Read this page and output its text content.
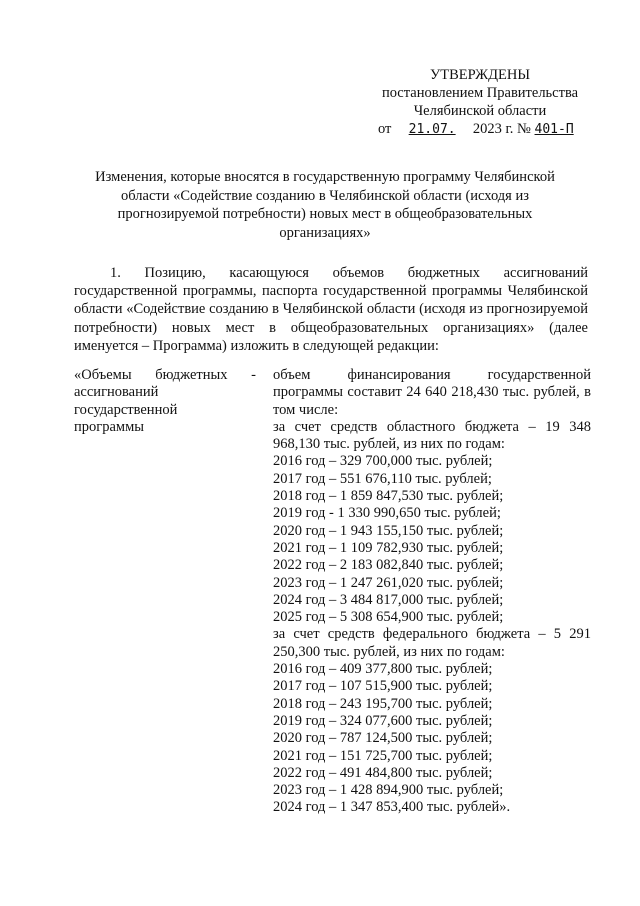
УТВЕРЖДЕНЫ
постановлением Правительства
Челябинской области
от 21.07. 2023 г. № 401-П
Изменения, которые вносятся в государственную программу Челябинской области «Содействие созданию в Челябинской области (исходя из прогнозируемой потребности) новых мест в общеобразовательных организациях»
1. Позицию, касающуюся объемов бюджетных ассигнований государственной программы, паспорта государственной программы Челябинской области «Содействие созданию в Челябинской области (исходя из прогнозируемой потребности) новых мест в общеобразовательных организациях» (далее именуется – Программа) изложить в следующей редакции:
«Объемы бюджетных -
ассигнований
государственной
программы
объем финансирования государственной программы составит 24 640 218,430 тыс. рублей, в том числе:
за счет средств областного бюджета – 19 348 968,130 тыс. рублей, из них по годам:
2016 год – 329 700,000 тыс. рублей;
2017 год – 551 676,110 тыс. рублей;
2018 год – 1 859 847,530 тыс. рублей;
2019 год - 1 330 990,650 тыс. рублей;
2020 год – 1 943 155,150 тыс. рублей;
2021 год – 1 109 782,930 тыс. рублей;
2022 год – 2 183 082,840 тыс. рублей;
2023 год – 1 247 261,020 тыс. рублей;
2024 год – 3 484 817,000 тыс. рублей;
2025 год – 5 308 654,900 тыс. рублей;
за счет средств федерального бюджета – 5 291 250,300 тыс. рублей, из них по годам:
2016 год – 409 377,800 тыс. рублей;
2017 год – 107 515,900 тыс. рублей;
2018 год – 243 195,700 тыс. рублей;
2019 год – 324 077,600 тыс. рублей;
2020 год – 787 124,500 тыс. рублей;
2021 год – 151 725,700 тыс. рублей;
2022 год – 491 484,800 тыс. рублей;
2023 год – 1 428 894,900 тыс. рублей;
2024 год – 1 347 853,400 тыс. рублей».
